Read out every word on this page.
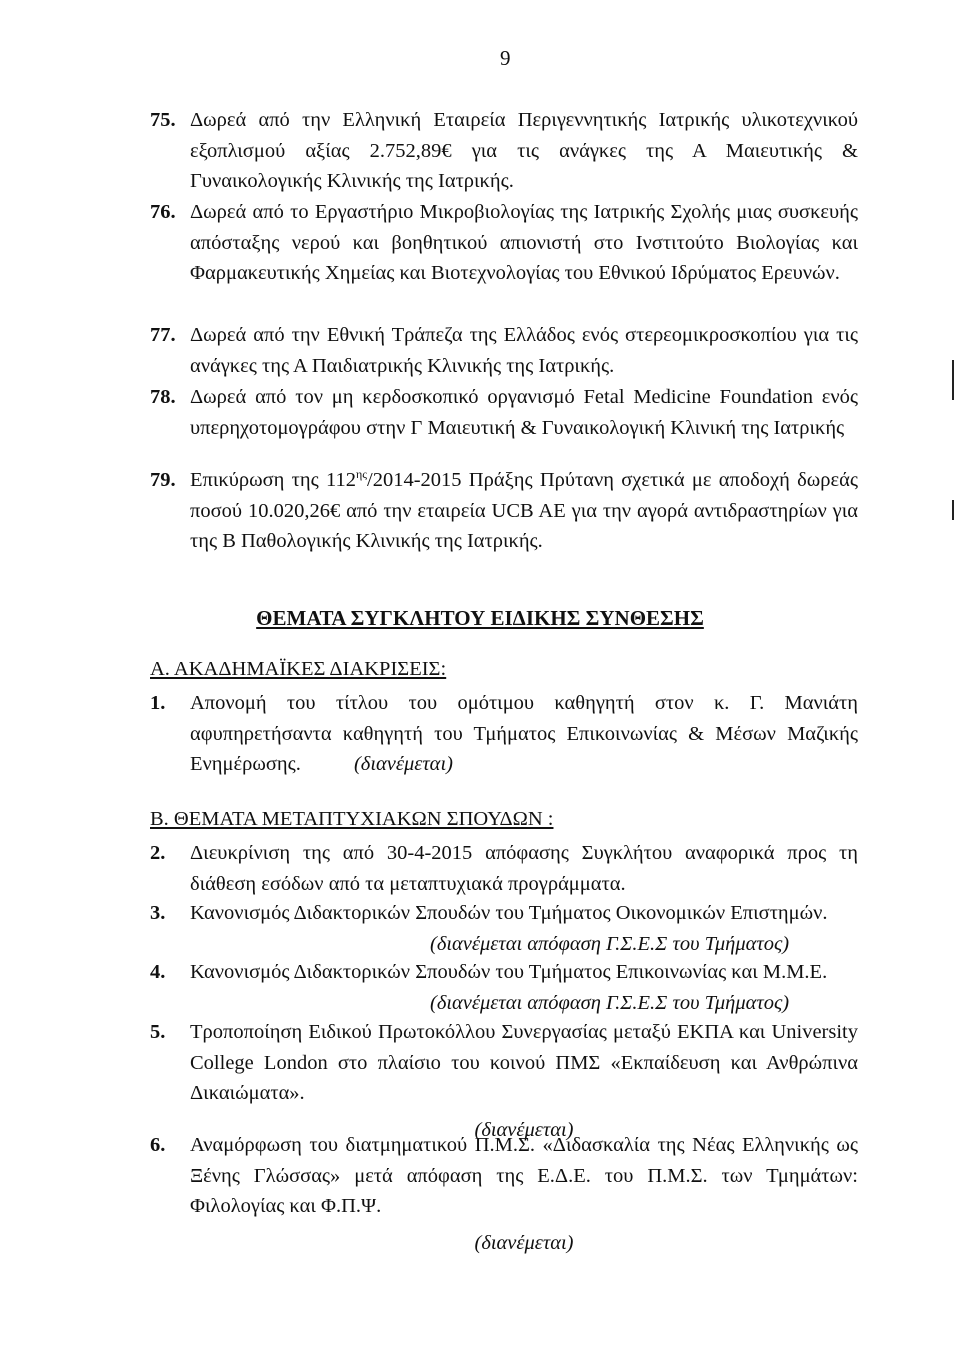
9
75. Δωρεά από την Ελληνική Εταιρεία Περιγεννητικής Ιατρικής υλικοτεχνικού εξοπλισμού αξίας 2.752,89€ για τις ανάγκες της Α Μαιευτικής & Γυναικολογικής Κλινικής της Ιατρικής.
76. Δωρεά από το Εργαστήριο Μικροβιολογίας της Ιατρικής Σχολής μιας συσκευής απόσταξης νερού και βοηθητικού απιονιστή στο Ινστιτούτο Βιολογίας και Φαρμακευτικής Χημείας και Βιοτεχνολογίας του Εθνικού Ιδρύματος Ερευνών.
77. Δωρεά από την Εθνική Τράπεζα της Ελλάδος ενός στερεομικροσκοπίου για τις ανάγκες της Α Παιδιατρικής Κλινικής της Ιατρικής.
78. Δωρεά από τον μη κερδοσκοπικό οργανισμό Fetal Medicine Foundation ενός υπερηχοτομογράφου στην Γ Μαιευτική & Γυναικολογική Κλινική της Ιατρικής
79. Επικύρωση της $112^{\eta\varsigma}/2014-2015$ Πράξης Πρύτανη σχετικά με αποδοχή δωρεάς ποσού 10.020,26€ από την εταιρεία UCB AE για την αγορά αντιδραστηρίων για της Β Παθολογικής Κλινικής της Ιατρικής.
ΘΕΜΑΤΑ ΣΥΓΚΛΗΤΟΥ ΕΙΔΙΚΗΣ ΣΥΝΘΕΣΗΣ
Α. ΑΚΑΔΗΜΑΪΚΕΣ ΔΙΑΚΡΙΣΕΙΣ:
1. Απονομή του τίτλου του ομότιμου καθηγητή στον κ. Γ. Μανιάτη αφυπηρετήσαντα καθηγητή του Τμήματος Επικοινωνίας & Μέσων Μαζικής Ενημέρωσης.	(διανέμεται)
Β. ΘΕΜΑΤΑ ΜΕΤΑΠΤΥΧΙΑΚΩΝ ΣΠΟΥΔΩΝ :
2. Διευκρίνιση της από 30-4-2015 απόφασης Συγκλήτου αναφορικά προς τη διάθεση εσόδων από τα μεταπτυχιακά προγράμματα.
3. Κανονισμός Διδακτορικών Σπουδών του Τμήματος Οικονομικών Επιστημών.
(διανέμεται απόφαση Γ.Σ.Ε.Σ του Τμήματος)
4. Κανονισμός Διδακτορικών Σπουδών του Τμήματος Επικοινωνίας και Μ.Μ.Ε.
(διανέμεται απόφαση Γ.Σ.Ε.Σ του Τμήματος)
5. Τροποποίηση Ειδικού Πρωτοκόλλου Συνεργασίας μεταξύ ΕΚΠΑ και University College London στο πλαίσιο του κοινού ΠΜΣ «Εκπαίδευση και Ανθρώπινα Δικαιώματα».
(διανέμεται)
6. Αναμόρφωση του διατμηματικού Π.Μ.Σ. «Διδασκαλία της Νέας Ελληνικής ως Ξένης Γλώσσας» μετά απόφαση της Ε.Δ.Ε. του Π.Μ.Σ. των Τμημάτων: Φιλολογίας και Φ.Π.Ψ.
(διανέμεται)
